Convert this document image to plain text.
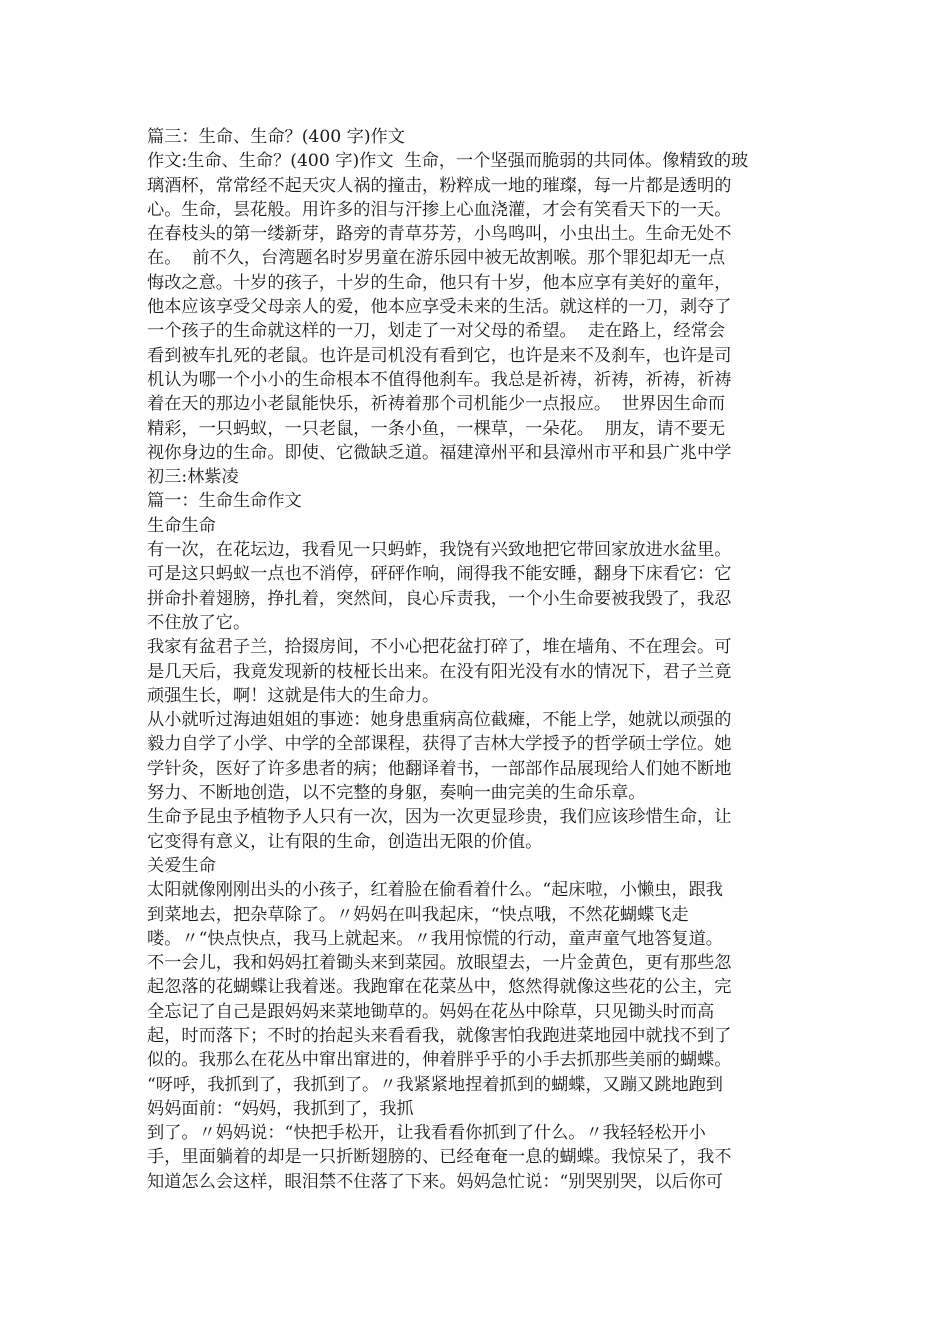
篇三：生命、生命？(400 字)作文
作文:生命、生命？(400 字)作文  生命，一个坚强而脆弱的共同体。像精致的玻
璃酒杯，常常经不起天灾人祸的撞击，粉粹成一地的璀璨，每一片都是透明的
心。生命，昙花般。用许多的泪与汗掺上心血浇灌，才会有笑看天下的一天。
在春枝头的第一缕新芽，路旁的青草芬芳，小鸟鸣叫，小虫出土。生命无处不
在。  前不久，台湾题名时岁男童在游乐园中被无故割喉。那个罪犯却无一点
悔改之意。十岁的孩子，十岁的生命，他只有十岁，他本应享有美好的童年，
他本应该享受父母亲人的爱，他本应享受未来的生活。就这样的一刀，剥夺了
一个孩子的生命就这样的一刀，划走了一对父母的希望。  走在路上，经常会
看到被车扎死的老鼠。也许是司机没有看到它，也许是来不及刹车，也许是司
机认为哪一个小小的生命根本不值得他刹车。我总是祈祷，祈祷，祈祷，祈祷
着在天的那边小老鼠能快乐，祈祷着那个司机能少一点报应。  世界因生命而
精彩，一只蚂蚁，一只老鼠，一条小鱼，一棵草，一朵花。  朋友，请不要无
视你身边的生命。即使、它微缺乏道。福建漳州平和县漳州市平和县广兆中学
初三:林紫凌
篇一：生命生命作文
生命生命
有一次，在花坛边，我看见一只蚂蚱，我饶有兴致地把它带回家放进水盆里。
可是这只蚂蚁一点也不消停，砰砰作响，闹得我不能安睡，翻身下床看它：它
拼命扑着翅膀，挣扎着，突然间，良心斥责我，一个小生命要被我毁了，我忍
不住放了它。
我家有盆君子兰，拾掇房间，不小心把花盆打碎了，堆在墙角、不在理会。可
是几天后，我竟发现新的枝桠长出来。在没有阳光没有水的情况下，君子兰竟
顽强生长，啊！这就是伟大的生命力。
从小就听过海迪姐姐的事迹：她身患重病高位截瘫，不能上学，她就以顽强的
毅力自学了小学、中学的全部课程，获得了吉林大学授予的哲学硕士学位。她
学针灸，医好了许多患者的病；他翻译着书，一部部作品展现给人们她不断地
努力、不断地创造，以不完整的身躯，奏响一曲完美的生命乐章。
生命予昆虫予植物予人只有一次，因为一次更显珍贵，我们应该珍惜生命，让
它变得有意义，让有限的生命，创造出无限的价值。
关爱生命
太阳就像刚刚出头的小孩子，红着脸在偷看着什么。“起床啦，小懒虫，跟我
到菜地去，把杂草除了。〃妈妈在叫我起床，“快点哦，不然花蝴蝶飞走
喽。〃“快点快点，我马上就起来。〃我用惊慌的行动，童声童气地答复道。
不一会儿，我和妈妈扛着锄头来到菜园。放眼望去，一片金黄色，更有那些忽
起忽落的花蝴蝶让我着迷。我跑窜在花菜丛中，悠然得就像这些花的公主，完
全忘记了自己是跟妈妈来菜地锄草的。妈妈在花丛中除草，只见锄头时而高
起，时而落下；不时的抬起头来看看我，就像害怕我跑进菜地园中就找不到了
似的。我那么在花丛中窜出窜进的，伸着胖乎乎的小手去抓那些美丽的蝴蝶。
“呀呼，我抓到了，我抓到了。〃我紧紧地捏着抓到的蝴蝶，又蹦又跳地跑到
妈妈面前：“妈妈，我抓到了，我抓
到了。〃妈妈说：“快把手松开，让我看看你抓到了什么。〃我轻轻松开小
手，里面躺着的却是一只折断翅膀的、已经奄奄一息的蝴蝶。我惊呆了，我不
知道怎么会这样，眼泪禁不住落了下来。妈妈急忙说：“别哭别哭，以后你可
